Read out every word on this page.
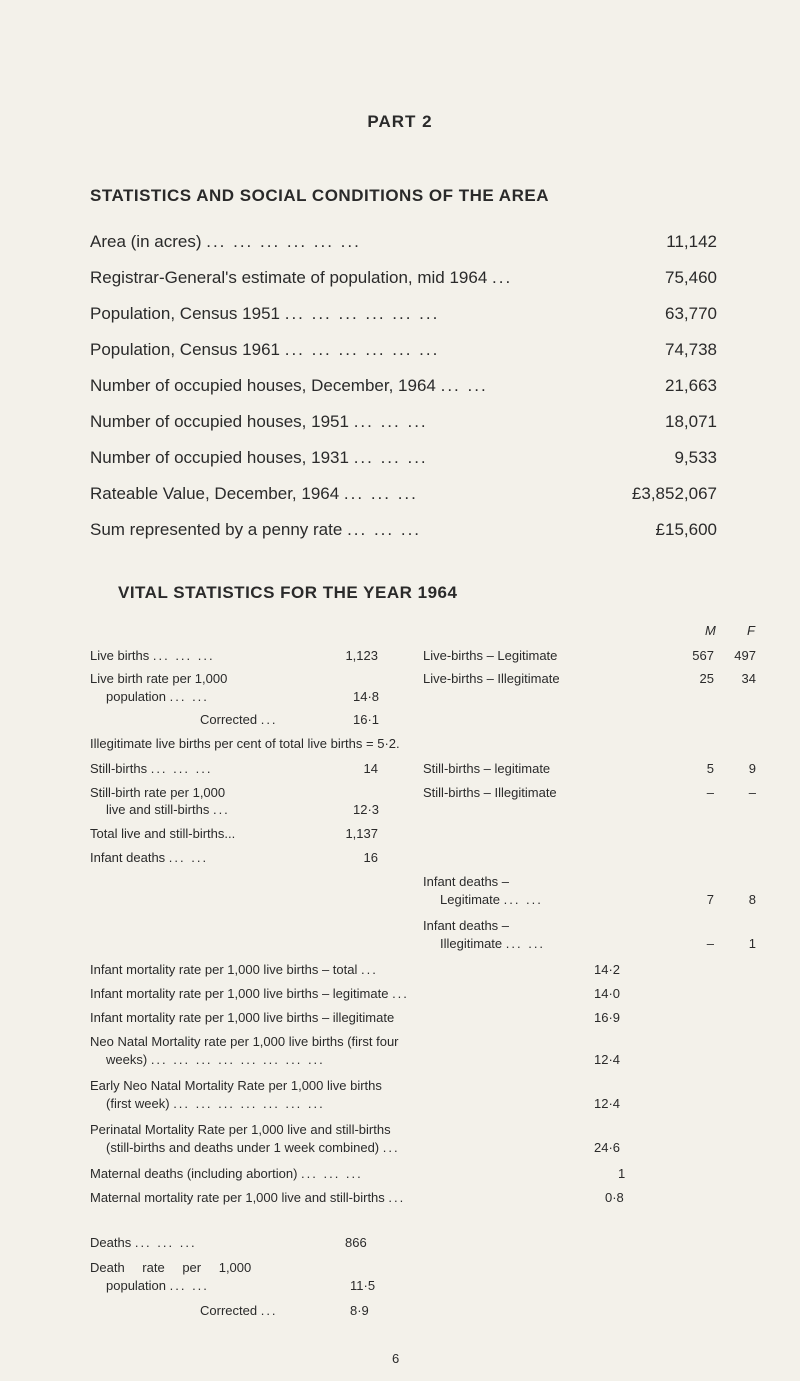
PART 2
STATISTICS AND SOCIAL CONDITIONS OF THE AREA
Area (in acres) ... ... ... ... ... ...	11,142
Registrar-General's estimate of population, mid 1964 ...	75,460
Population, Census 1951 ... ... ... ... ... ...	63,770
Population, Census 1961 ... ... ... ... ... ...	74,738
Number of occupied houses, December, 1964 ... ...	21,663
Number of occupied houses, 1951 ... ... ...	18,071
Number of occupied houses, 1931 ... ... ...	9,533
Rateable Value, December, 1964 ... ... ...	£3,852,067
Sum represented by a penny rate ... ... ...	£15,600
VITAL STATISTICS FOR THE YEAR 1964
M F
Live births ... ... ...	1,123
Live birth rate per 1,000
population ... ...	14·8
Corrected ...	16·1
Live-births – Legitimate	567	497
Live-births – Illegitimate	25	34
Illegitimate live births per cent of total live births = 5·2.
Still-births ... ... ...	14
Still-birth rate per 1,000
live and still-births ...	12·3
Total live and still-births...	1,137
Still-births – legitimate	5	9
Still-births – Illegitimate	–	–
Infant deaths ... ...	16
Infant deaths –
Legitimate ... ...	7	8
Infant deaths –
Illegitimate ... ...	–	1
Infant mortality rate per 1,000 live births – total ...	14·2
Infant mortality rate per 1,000 live births – legitimate ...	14·0
Infant mortality rate per 1,000 live births – illegitimate	16·9
Neo Natal Mortality rate per 1,000 live births (first four
weeks) ... ... ... ... ... ... ... ...	12·4
Early Neo Natal Mortality Rate per 1,000 live births
(first week) ... ... ... ... ... ... ...	12·4
Perinatal Mortality Rate per 1,000 live and still-births
(still-births and deaths under 1 week combined) ...	24·6
Maternal deaths (including abortion) ... ... ...	1
Maternal mortality rate per 1,000 live and still-births ...	0·8
Deaths ... ... ...	866
Death rate per 1,000
population ... ...	11·5
Corrected ...	8·9
6
